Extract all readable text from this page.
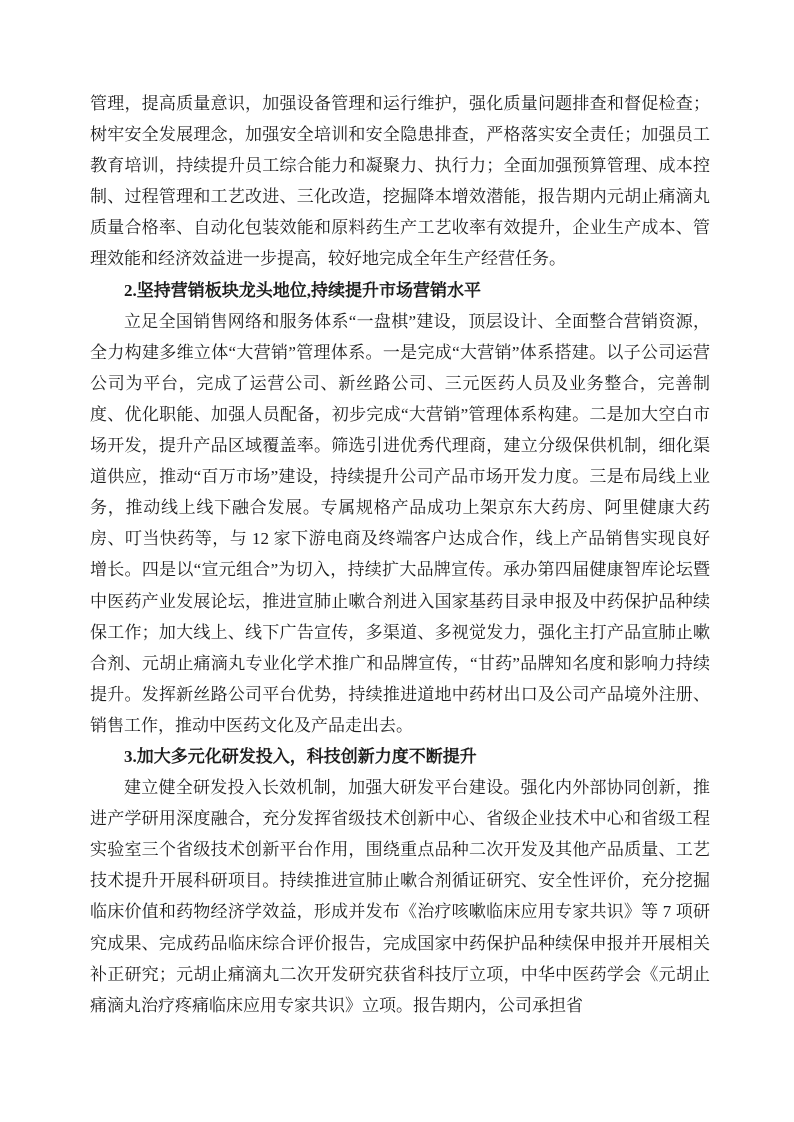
管理，提高质量意识，加强设备管理和运行维护，强化质量问题排查和督促检查；树牢安全发展理念，加强安全培训和安全隐患排查，严格落实安全责任；加强员工教育培训，持续提升员工综合能力和凝聚力、执行力；全面加强预算管理、成本控制、过程管理和工艺改进、三化改造，挖掘降本增效潜能，报告期内元胡止痛滴丸质量合格率、自动化包装效能和原料药生产工艺收率有效提升，企业生产成本、管理效能和经济效益进一步提高，较好地完成全年生产经营任务。

2.坚持营销板块龙头地位,持续提升市场营销水平

立足全国销售网络和服务体系“一盘棋”建设，顶层设计、全面整合营销资源，全力构建多维立体“大营销”管理体系。一是完成“大营销”体系搭建。以子公司运营公司为平台，完成了运营公司、新丝路公司、三元医药人员及业务整合，完善制度、优化职能、加强人员配备，初步完成“大营销”管理体系构建。二是加大空白市场开发，提升产品区域覆盖率。筛选引进优秀代理商，建立分级保供机制，细化渠道供应，推动“百万市场”建设，持续提升公司产品市场开发力度。三是布局线上业务，推动线上线下融合发展。专属规格产品成功上架京东大药房、阿里健康大药房、叮当快药等，与 12 家下游电商及终端客户达成合作，线上产品销售实现良好增长。四是以“宣元组合”为切入，持续扩大品牌宣传。承办第四届健康智库论坛暨中医药产业发展论坛，推进宣肺止嗽合剂进入国家基药目录申报及中药保护品种续保工作；加大线上、线下广告宣传，多渠道、多视觉发力，强化主打产品宣肺止嗽合剂、元胡止痛滴丸专业化学术推广和品牌宣传，“甘药”品牌知名度和影响力持续提升。发挥新丝路公司平台优势，持续推进道地中药材出口及公司产品境外注册、销售工作，推动中医药文化及产品走出去。

3.加大多元化研发投入，科技创新力度不断提升

建立健全研发投入长效机制，加强大研发平台建设。强化内外部协同创新，推进产学研用深度融合，充分发挥省级技术创新中心、省级企业技术中心和省级工程实验室三个省级技术创新平台作用，围绕重点品种二次开发及其他产品质量、工艺技术提升开展科研项目。持续推进宣肺止嗽合剂循证研究、安全性评价，充分挖掘临床价值和药物经济学效益，形成并发布《治疗咳嗽临床应用专家共识》等 7 项研究成果、完成药品临床综合评价报告，完成国家中药保护品种续保申报并开展相关补正研究；元胡止痛滴丸二次开发研究获省科技厅立项，中华中医药学会《元胡止痛滴丸治疗疼痛临床应用专家共识》立项。报告期内，公司承担省
